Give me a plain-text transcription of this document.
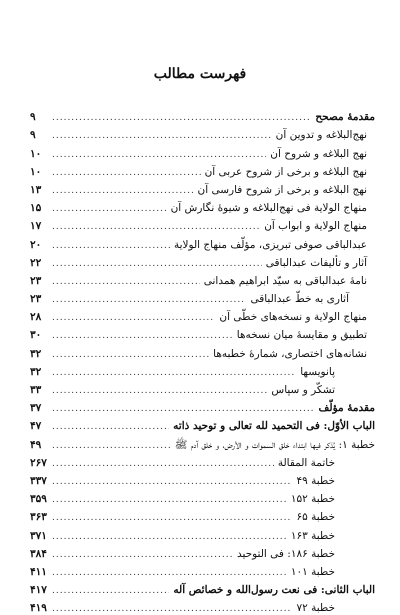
فهرست مطالب
مقدمهٔ مصحح
.....
۹
نهج‌البلاغه و تدوین آن
.....
۹
نهج البلاغه و شروح آن
.....
۱۰
نهج البلاغه و برخی از شروح عربی آن
.....
۱۰
نهج البلاغه و برخی از شروح فارسی آن
.....
۱۳
منهاج الولایة فی نهج‌البلاغه و شیوهٔ نگارش آن
.....
۱۵
منهاج الولایة و ابواب آن
.....
۱۷
عبدالباقی صوفی تبریزی، مؤلّف منهاج الولایة
.....
۲۰
آثار و تألیفات عبدالباقی
.....
۲۲
نامهٔ عبدالباقی به سیّد ابراهیم همدانی
.....
۲۳
آثاری به خطّ عبدالباقی
.....
۲۳
منهاج الولایة و نسخه‌های خطّی آن
.....
۲۸
تطبیق و مقایسهٔ میان نسخه‌ها
.....
۳۰
نشانه‌های اختصاری، شمارهٔ خطبه‌ها
.....
۳۲
پانویسها
.....
۳۲
تشکّر و سپاس
.....
۳۳
مقدمهٔ مؤلّف
.....
۳۷
الباب الأوّل: فی التحمید لله تعالی و توحید ذاته
.....
۴۷
خطبة ۱: یُذکر فیها ابتداء خلق السموات و الأرض، و خلق آدم ﷺ
.....
۴۹
خاتمة المقالة
.....
۲۶۷
خطبة ۴۹
.....
۳۳۷
خطبة ۱۵۲
.....
۳۵۹
خطبة ۶۵
.....
۳۶۳
خطبة ۱۶۳
.....
۳۷۱
خطبة ۱۸۶: فی التوحید
.....
۳۸۴
خطبة ۱۰۱
.....
۴۱۱
الباب الثانی: فی نعت رسول‌الله و خصائص آله
.....
۴۱۷
خطبة ۷۲
.....
۴۱۹
